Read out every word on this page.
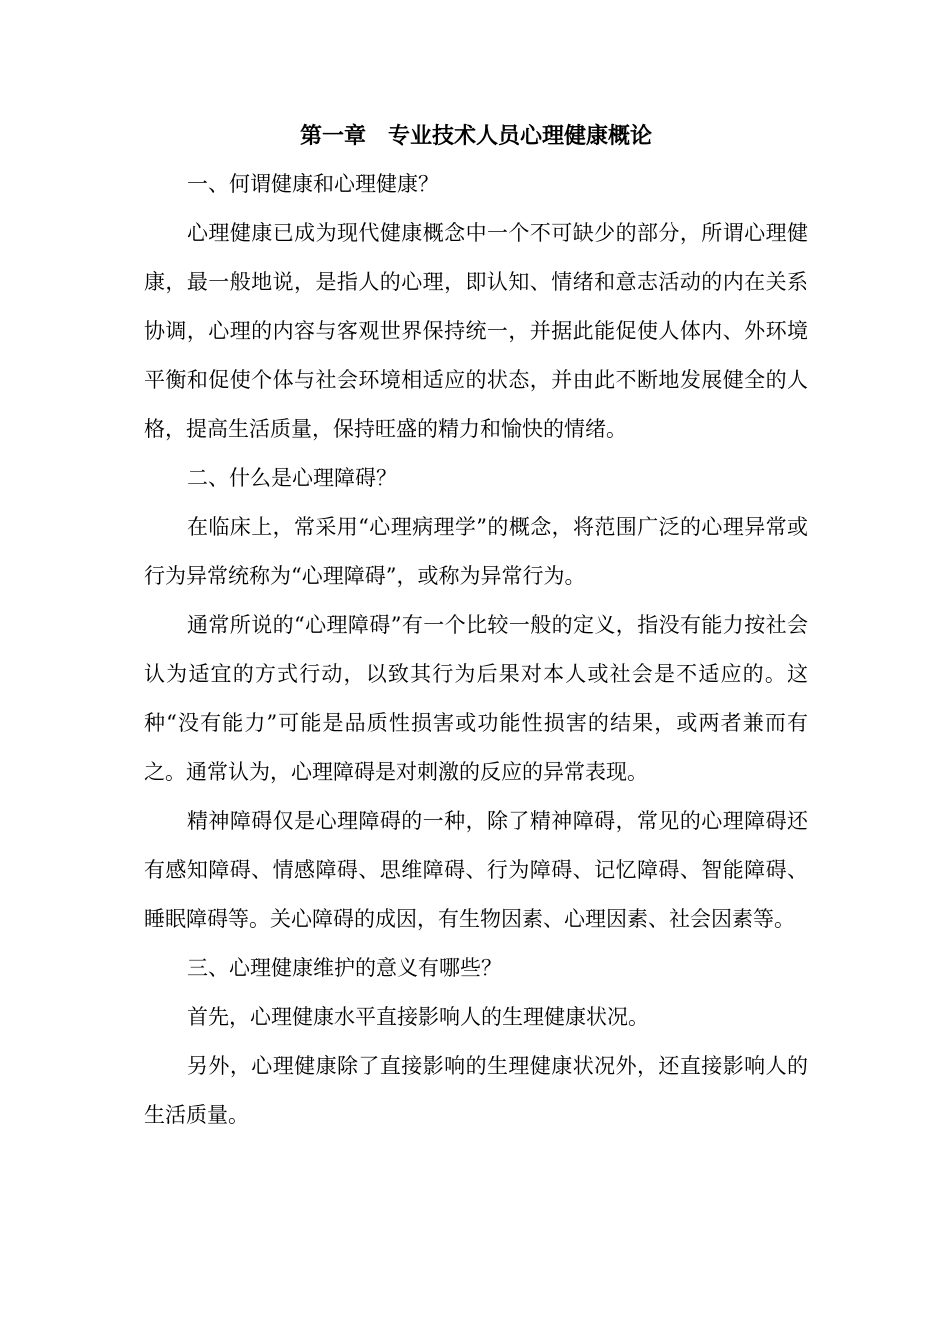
第一章　专业技术人员心理健康概论

一、何谓健康和心理健康？

心理健康已成为现代健康概念中一个不可缺少的部分，所谓心理健康，最一般地说，是指人的心理，即认知、情绪和意志活动的内在关系协调，心理的内容与客观世界保持统一，并据此能促使人体内、外环境平衡和促使个体与社会环境相适应的状态，并由此不断地发展健全的人格，提高生活质量，保持旺盛的精力和愉快的情绪。

二、什么是心理障碍？

在临床上，常采用“心理病理学”的概念，将范围广泛的心理异常或行为异常统称为“心理障碍”，或称为异常行为。

通常所说的“心理障碍”有一个比较一般的定义，指没有能力按社会认为适宜的方式行动，以致其行为后果对本人或社会是不适应的。这种“没有能力”可能是品质性损害或功能性损害的结果，或两者兼而有之。通常认为，心理障碍是对刺激的反应的异常表现。

精神障碍仅是心理障碍的一种，除了精神障碍，常见的心理障碍还有感知障碍、情感障碍、思维障碍、行为障碍、记忆障碍、智能障碍、睡眠障碍等。关心障碍的成因，有生物因素、心理因素、社会因素等。

三、心理健康维护的意义有哪些？

首先，心理健康水平直接影响人的生理健康状况。

另外，心理健康除了直接影响的生理健康状况外，还直接影响人的生活质量。
